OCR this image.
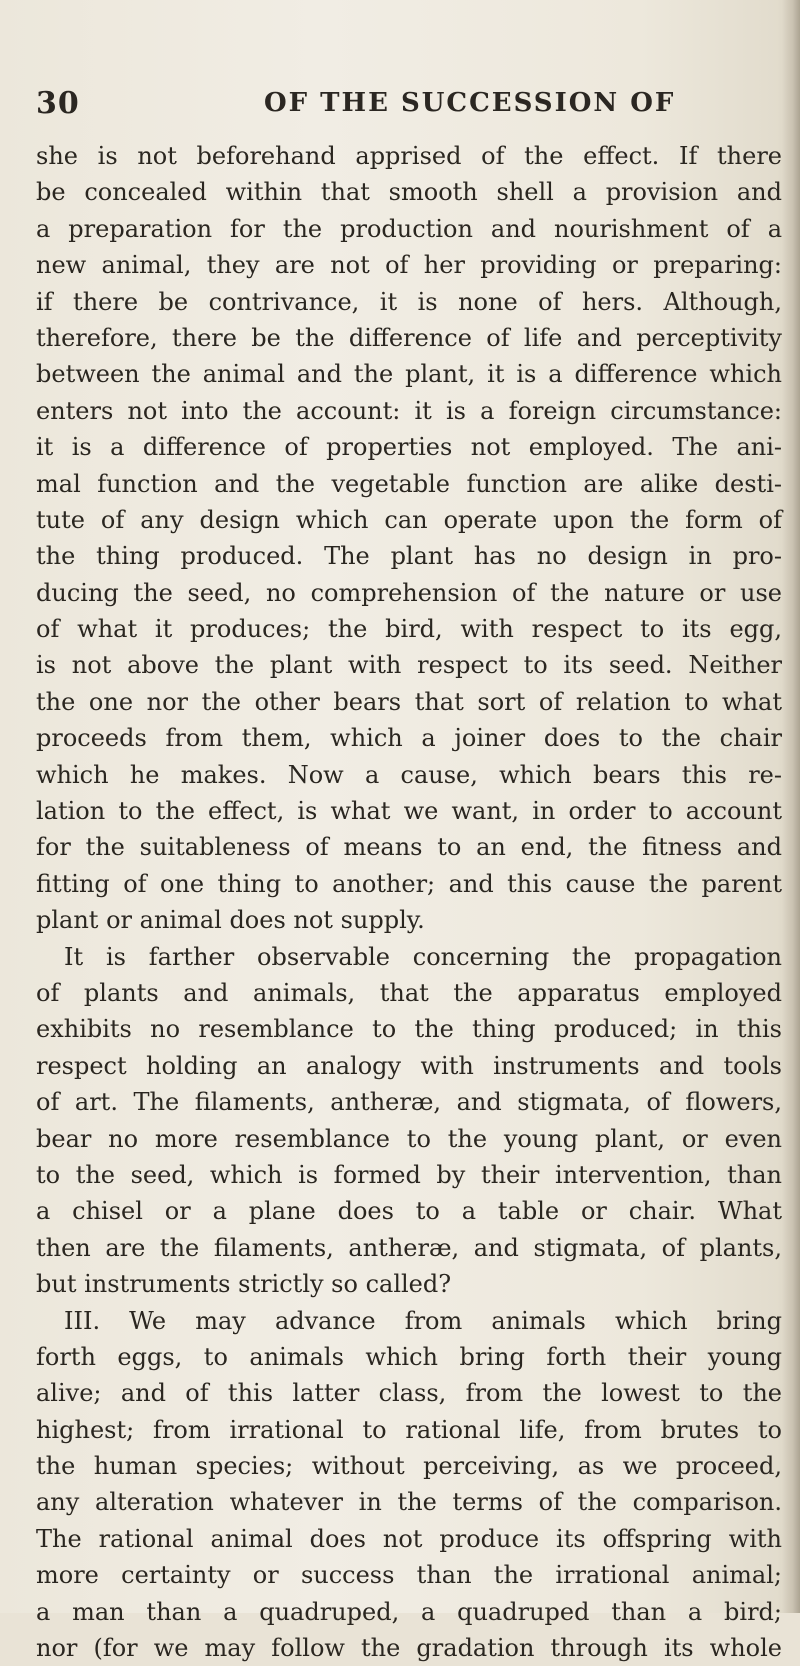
30	OF THE SUCCESSION OF
she is not beforehand apprised of the effect. If there
be concealed within that smooth shell a provision and
a preparation for the production and nourishment of a
new animal, they are not of her providing or preparing:
if there be contrivance, it is none of hers. Although,
therefore, there be the difference of life and perceptivity
between the animal and the plant, it is a difference which
enters not into the account: it is a foreign circumstance:
it is a difference of properties not employed. The ani-
mal function and the vegetable function are alike desti-
tute of any design which can operate upon the form of
the thing produced. The plant has no design in pro-
ducing the seed, no comprehension of the nature or use
of what it produces; the bird, with respect to its egg,
is not above the plant with respect to its seed. Neither
the one nor the other bears that sort of relation to what
proceeds from them, which a joiner does to the chair
which he makes. Now a cause, which bears this re-
lation to the effect, is what we want, in order to account
for the suitableness of means to an end, the fitness and
fitting of one thing to another; and this cause the parent
plant or animal does not supply.
It is farther observable concerning the propagation
of plants and animals, that the apparatus employed
exhibits no resemblance to the thing produced; in this
respect holding an analogy with instruments and tools
of art. The filaments, antheræ, and stigmata, of flowers,
bear no more resemblance to the young plant, or even
to the seed, which is formed by their intervention, than
a chisel or a plane does to a table or chair. What
then are the filaments, antheræ, and stigmata, of plants,
but instruments strictly so called?
III. We may advance from animals which bring
forth eggs, to animals which bring forth their young
alive; and of this latter class, from the lowest to the
highest; from irrational to rational life, from brutes to
the human species; without perceiving, as we proceed,
any alteration whatever in the terms of the comparison.
The rational animal does not produce its offspring with
more certainty or success than the irrational animal;
a man than a quadruped, a quadruped than a bird;
nor (for we may follow the gradation through its whole
